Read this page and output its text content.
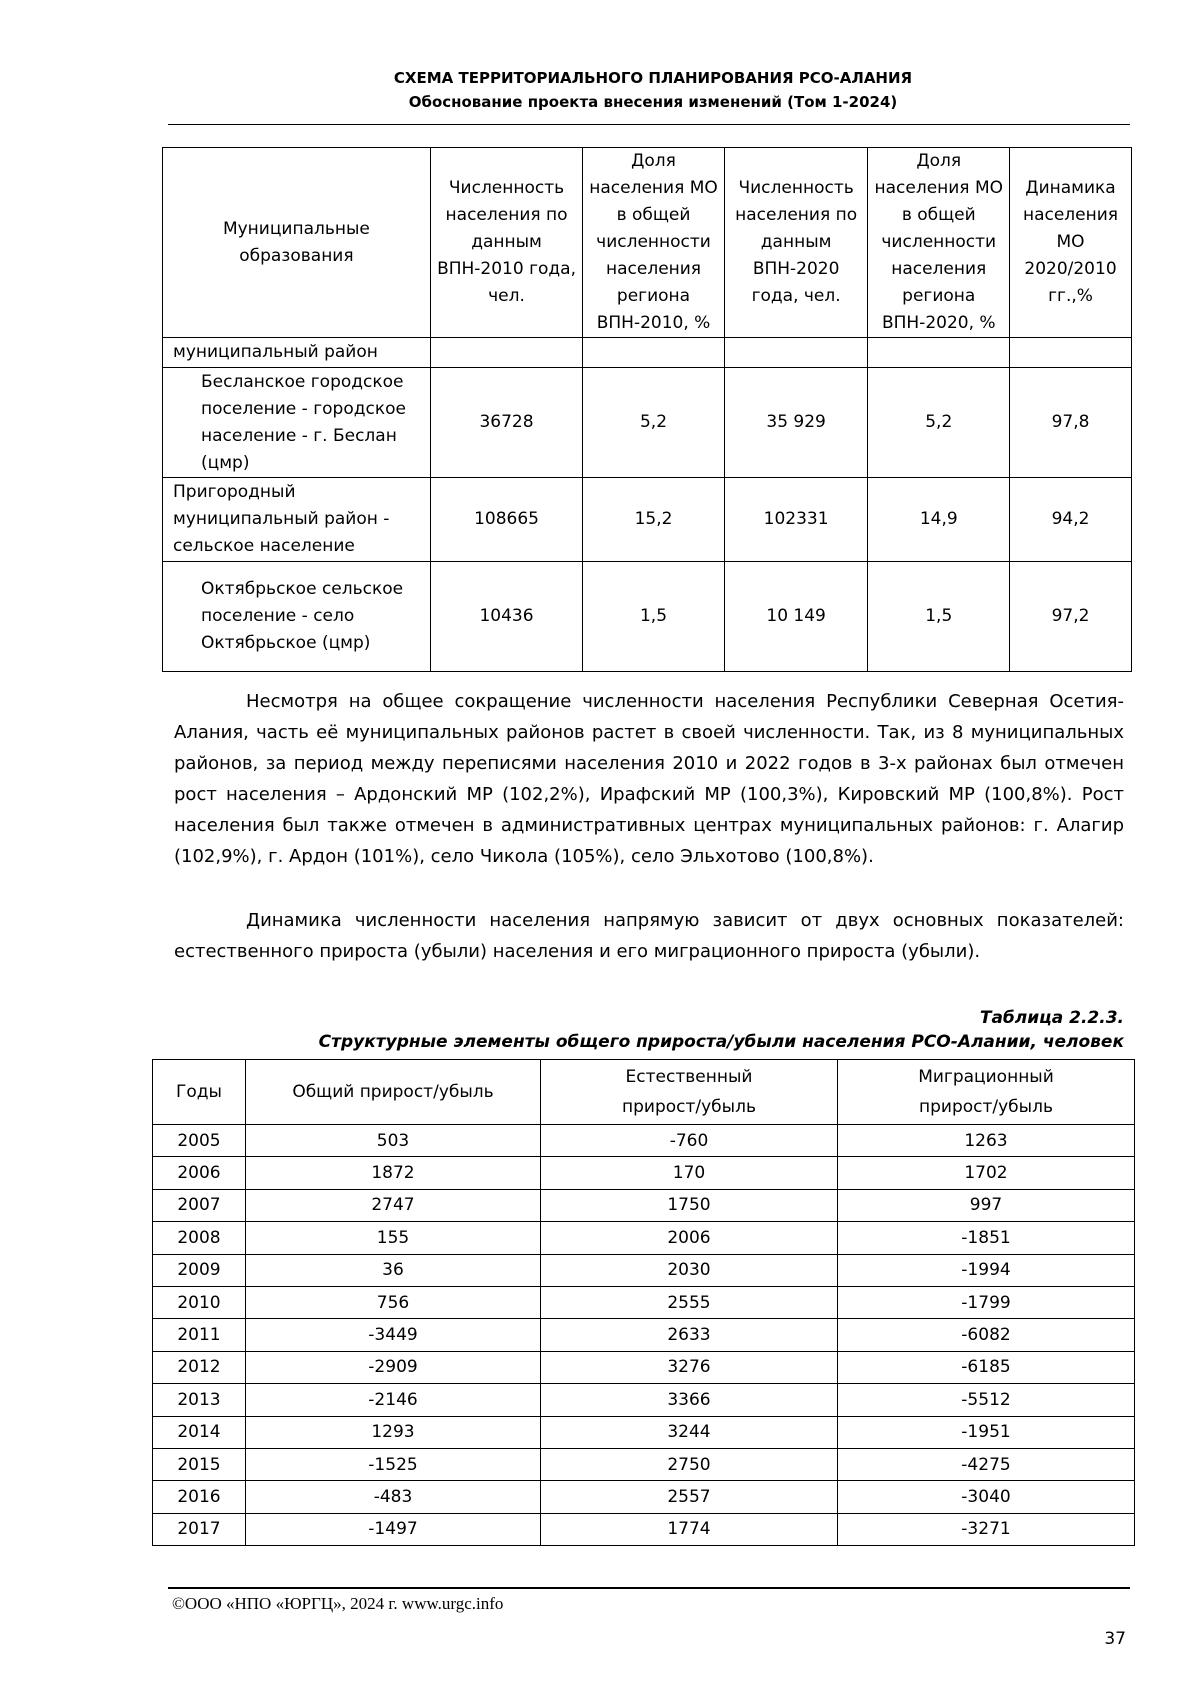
СХЕМА ТЕРРИТОРИАЛЬНОГО ПЛАНИРОВАНИЯ РСО-АЛАНИЯ
Обоснование проекта внесения изменений (Том 1-2024)
Муниципальные образования	Численность населения по данным ВПН-2010 года, чел.	Доля населения МО в общей численности населения региона ВПН-2010, %	Численность населения по данным ВПН-2020 года, чел.	Доля населения МО в общей численности населения региона ВПН-2020, %	Динамика населения МО 2020/2010 гг.,%
муниципальный район					
Бесланское городское поселение - городское население - г. Беслан (цмр)	36728	5,2	35 929	5,2	97,8
Пригородный муниципальный район - сельское население	108665	15,2	102331	14,9	94,2
Октябрьское сельское поселение - село Октябрьское (цмр)	10436	1,5	10 149	1,5	97,2

Несмотря на общее сокращение численности населения Республики Северная Осетия-Алания, часть её муниципальных районов растет в своей численности. Так, из 8 муниципальных районов, за период между переписями населения 2010 и 2022 годов в 3-х районах был отмечен рост населения – Ардонский МР (102,2%), Ирафский МР (100,3%), Кировский МР (100,8%). Рост населения был также отмечен в административных центрах муниципальных районов: г. Алагир (102,9%), г. Ардон (101%), село Чикола (105%), село Эльхотово (100,8%).

Динамика численности населения напрямую зависит от двух основных показателей: естественного прироста (убыли) населения и его миграционного прироста (убыли).

Таблица 2.2.3.
Структурные элементы общего прироста/убыли населения РСО-Алании, человек
Годы	Общий прирост/убыль	Естественный прирост/убыль	Миграционный прирост/убыль
2005	503	-760	1263
2006	1872	170	1702
2007	2747	1750	997
2008	155	2006	-1851
2009	36	2030	-1994
2010	756	2555	-1799
2011	-3449	2633	-6082
2012	-2909	3276	-6185
2013	-2146	3366	-5512
2014	1293	3244	-1951
2015	-1525	2750	-4275
2016	-483	2557	-3040
2017	-1497	1774	-3271
©ООО «НПО «ЮРГЦ», 2024 г. www.urgc.info
37
